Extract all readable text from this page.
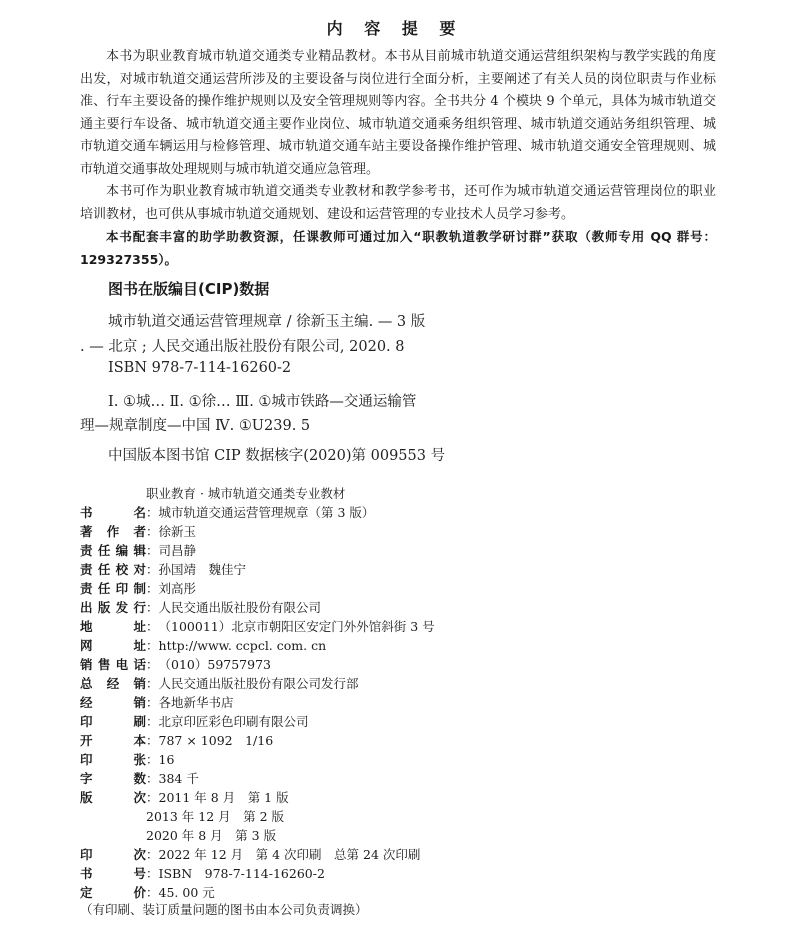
内 容 提 要

本书为职业教育城市轨道交通类专业精品教材。本书从目前城市轨道交通运营组织架构与教学实践的角度出发，对城市轨道交通运营所涉及的主要设备与岗位进行全面分析，主要阐述了有关人员的岗位职责与作业标准、行车主要设备的操作维护规则以及安全管理规则等内容。全书共分 4 个模块 9 个单元，具体为城市轨道交通主要行车设备、城市轨道交通主要作业岗位、城市轨道交通乘务组织管理、城市轨道交通站务组织管理、城市轨道交通车辆运用与检修管理、城市轨道交通车站主要设备操作维护管理、城市轨道交通安全管理规则、城市轨道交通事故处理规则与城市轨道交通应急管理。

本书可作为职业教育城市轨道交通类专业教材和教学参考书，还可作为城市轨道交通运营管理岗位的职业培训教材，也可供从事城市轨道交通规划、建设和运营管理的专业技术人员学习参考。

本书配套丰富的助学助教资源，任课教师可通过加入“职教轨道教学研讨群”获取（教师专用 QQ 群号：129327355）。

图书在版编目(CIP)数据
城市轨道交通运营管理规章 / 徐新玉主编. — 3 版
. — 北京 ; 人民交通出版社股份有限公司, 2020. 8
ISBN 978-7-114-16260-2
Ⅰ. ①城… Ⅱ. ①徐… Ⅲ. ①城市铁路—交通运输管
理—规章制度—中国 Ⅳ. ①U239. 5
中国版本图书馆 CIP 数据核字(2020)第 009553 号
职业教育 · 城市轨道交通类专业教材
书　　名：城市轨道交通运营管理规章（第 3 版）
著 作 者：徐新玉
责任编辑：司昌静
责任校对：孙国靖　魏佳宁
责任印制：刘高彤
出版发行：人民交通出版社股份有限公司
地　　址：（100011）北京市朝阳区安定门外外馆斜街 3 号
网　　址：http://www. ccpcl. com. cn
销售电话：（010）59757973
总 经 销：人民交通出版社股份有限公司发行部
经　　销：各地新华书店
印　　刷：北京印匠彩色印刷有限公司
开　　本：787 × 1092　1/16
印　　张：16
字　　数：384 千
版　　次：2011 年 8 月　第 1 版
2013 年 12 月　第 2 版
2020 年 8 月　第 3 版
印　　次：2022 年 12 月　第 4 次印刷　总第 24 次印刷
书　　号：ISBN　978-7-114-16260-2
定　　价：45. 00 元
（有印刷、装订质量问题的图书由本公司负责调换）
